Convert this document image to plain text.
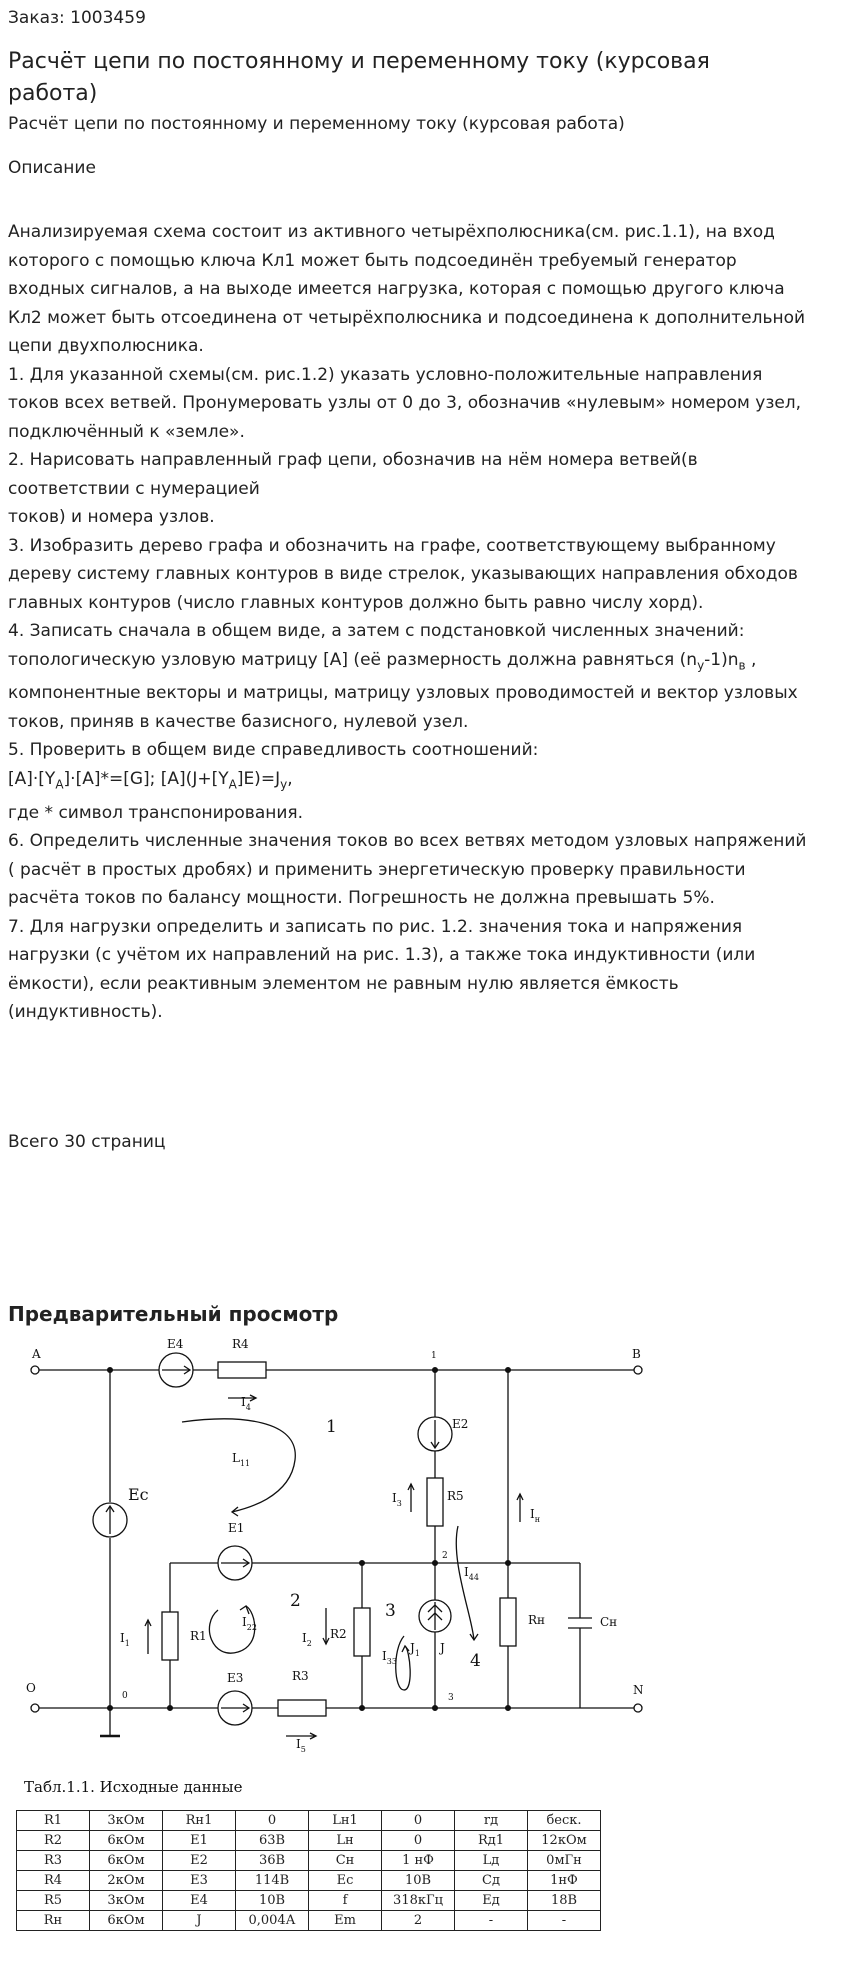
Заказ: 1003459
Расчёт цепи по постоянному и переменному току (курсовая работа)
Расчёт цепи по постоянному и переменному току (курсовая работа)
Описание

Анализируемая схема состоит из активного четырёхполюсника(см. рис.1.1), на вход которого с помощью ключа Кл1 может быть подсоединён требуемый генератор входных сигналов, а на выходе имеется нагрузка, которая с помощью другого ключа Кл2 может быть отсоединена от четырёхполюсника и подсоединена к дополнительной цепи двухполюсника.

1. Для указанной схемы(см. рис.1.2) указать условно-положительные направления токов всех ветвей. Пронумеровать узлы от 0 до 3, обозначив «нулевым» номером узел, подключённый к «земле».

2. Нарисовать направленный граф цепи, обозначив на нём номера ветвей(в соответствии с нумерацией

токов) и номера узлов.

3. Изобразить дерево графа и обозначить на графе, соответствующему выбранному дереву систему главных контуров в виде стрелок, указывающих направления обходов главных контуров (число главных контуров должно быть равно числу хорд).

4. Записать сначала в общем виде, а затем с подстановкой численных значений: топологическую узловую матрицу [А] (её размерность должна равняться $(n_y-1)n_в$ , компонентные векторы и матрицы, матрицу узловых проводимостей и вектор узловых токов, приняв в качестве базисного, нулевой узел.

5. Проверить в общем виде справедливость соотношений:

$[A]\cdot[Y_A]\cdot[A]*=[G]$; $[A](J+[Y_A]E)=J_y$,

где * символ транспонирования.

6. Определить численные значения токов во всех ветвях методом узловых напряжений ( расчёт в простых дробях) и применить энергетическую проверку правильности расчёта токов по балансу мощности. Погрешность не должна превышать 5%.

7. Для нагрузки определить и записать по рис. 1.2. значения тока и напряжения нагрузки (с учётом их направлений на рис. 1.3), а также тока индуктивности (или ёмкости), если реактивным элементом не равным нулю является ёмкость (индуктивность).

Всего 30 страниц
Предварительный просмотр
A	B
O	N
1
2
3
0
E4	R4
$I_4$
E2
R5
$I_3$
1
2	3
4
$L_{11}$
Ec
E1
R1
$I_1$
$I_{22}$
$I_2$
R2
$I_{33}$
J
$J_1$
$I_{44}$
Rн	Cн
$I_н$
E3	R3
$I_5$
Табл.1.1. Исходные данные
R1	3кОм	Rн1	0	Lн1	0	rд	беск.
R2	6кОм	E1	63В	Lн	0	Rд1	12кОм
R3	6кОм	E2	36В	Cн	1 нФ	Lд	0мГн
R4	2кОм	E3	114В	Ec	10В	Cд	1нФ
R5	3кОм	E4	10В	f	318кГц	Eд	18В
Rн	6кОм	J	0,004А	Em	2	-	-
